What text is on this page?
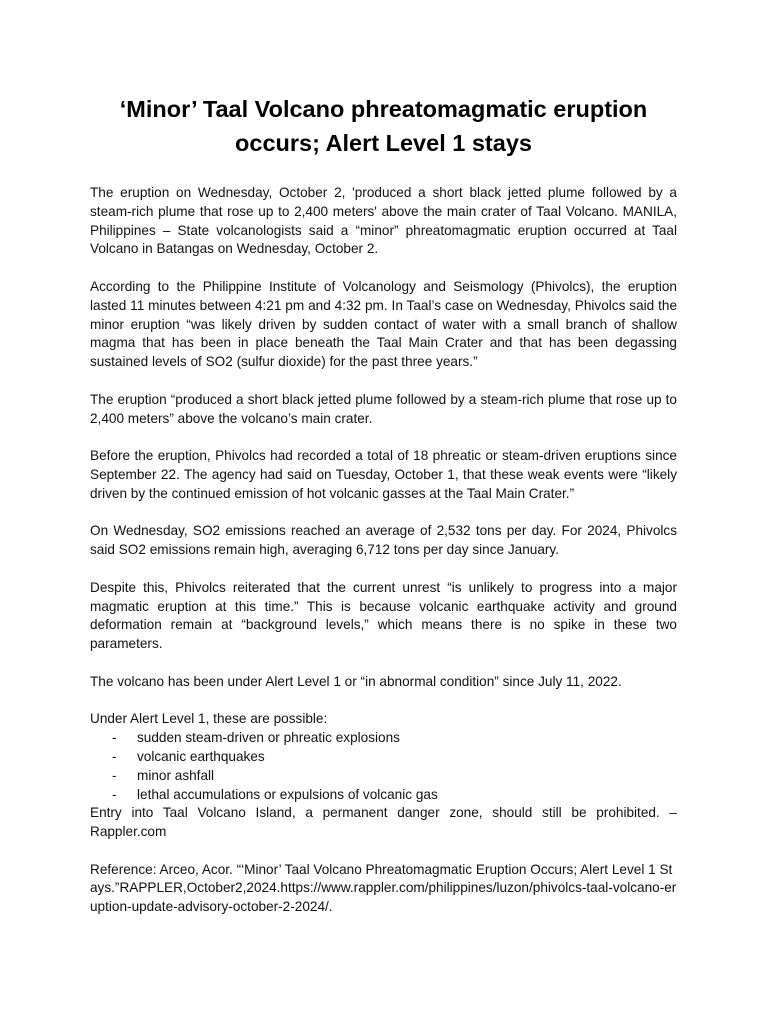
‘Minor’ Taal Volcano phreatomagmatic eruption
occurs; Alert Level 1 stays

The eruption on Wednesday, October 2, 'produced a short black jetted plume followed by a steam-rich plume that rose up to 2,400 meters' above the main crater of Taal Volcano. MANILA, Philippines – State volcanologists said a “minor” phreatomagmatic eruption occurred at Taal Volcano in Batangas on Wednesday, October 2.

According to the Philippine Institute of Volcanology and Seismology (Phivolcs), the eruption lasted 11 minutes between 4:21 pm and 4:32 pm. In Taal’s case on Wednesday, Phivolcs said the minor eruption “was likely driven by sudden contact of water with a small branch of shallow magma that has been in place beneath the Taal Main Crater and that has been degassing sustained levels of SO2 (sulfur dioxide) for the past three years.”

The eruption “produced a short black jetted plume followed by a steam-rich plume that rose up to 2,400 meters” above the volcano’s main crater.

Before the eruption, Phivolcs had recorded a total of 18 phreatic or steam-driven eruptions since September 22. The agency had said on Tuesday, October 1, that these weak events were “likely driven by the continued emission of hot volcanic gasses at the Taal Main Crater.”

On Wednesday, SO2 emissions reached an average of 2,532 tons per day. For 2024, Phivolcs said SO2 emissions remain high, averaging 6,712 tons per day since January.

Despite this, Phivolcs reiterated that the current unrest “is unlikely to progress into a major magmatic eruption at this time.” This is because volcanic earthquake activity and ground deformation remain at “background levels,” which means there is no spike in these two parameters.

The volcano has been under Alert Level 1 or “in abnormal condition” since July 11, 2022.

Under Alert Level 1, these are possible:

-	sudden steam-driven or phreatic explosions
-	volcanic earthquakes
-	minor ashfall
-	lethal accumulations or expulsions of volcanic gas

Entry into Taal Volcano Island, a permanent danger zone, should still be prohibited. – Rappler.com

Reference: Arceo, Acor. “‘Minor’ Taal Volcano Phreatomagmatic Eruption Occurs; Alert Level 1 Stays.”RAPPLER,October2,2024.https://www.rappler.com/philippines/luzon/phivolcs-taal-volcano-eruption-update-advisory-october-2-2024/.
